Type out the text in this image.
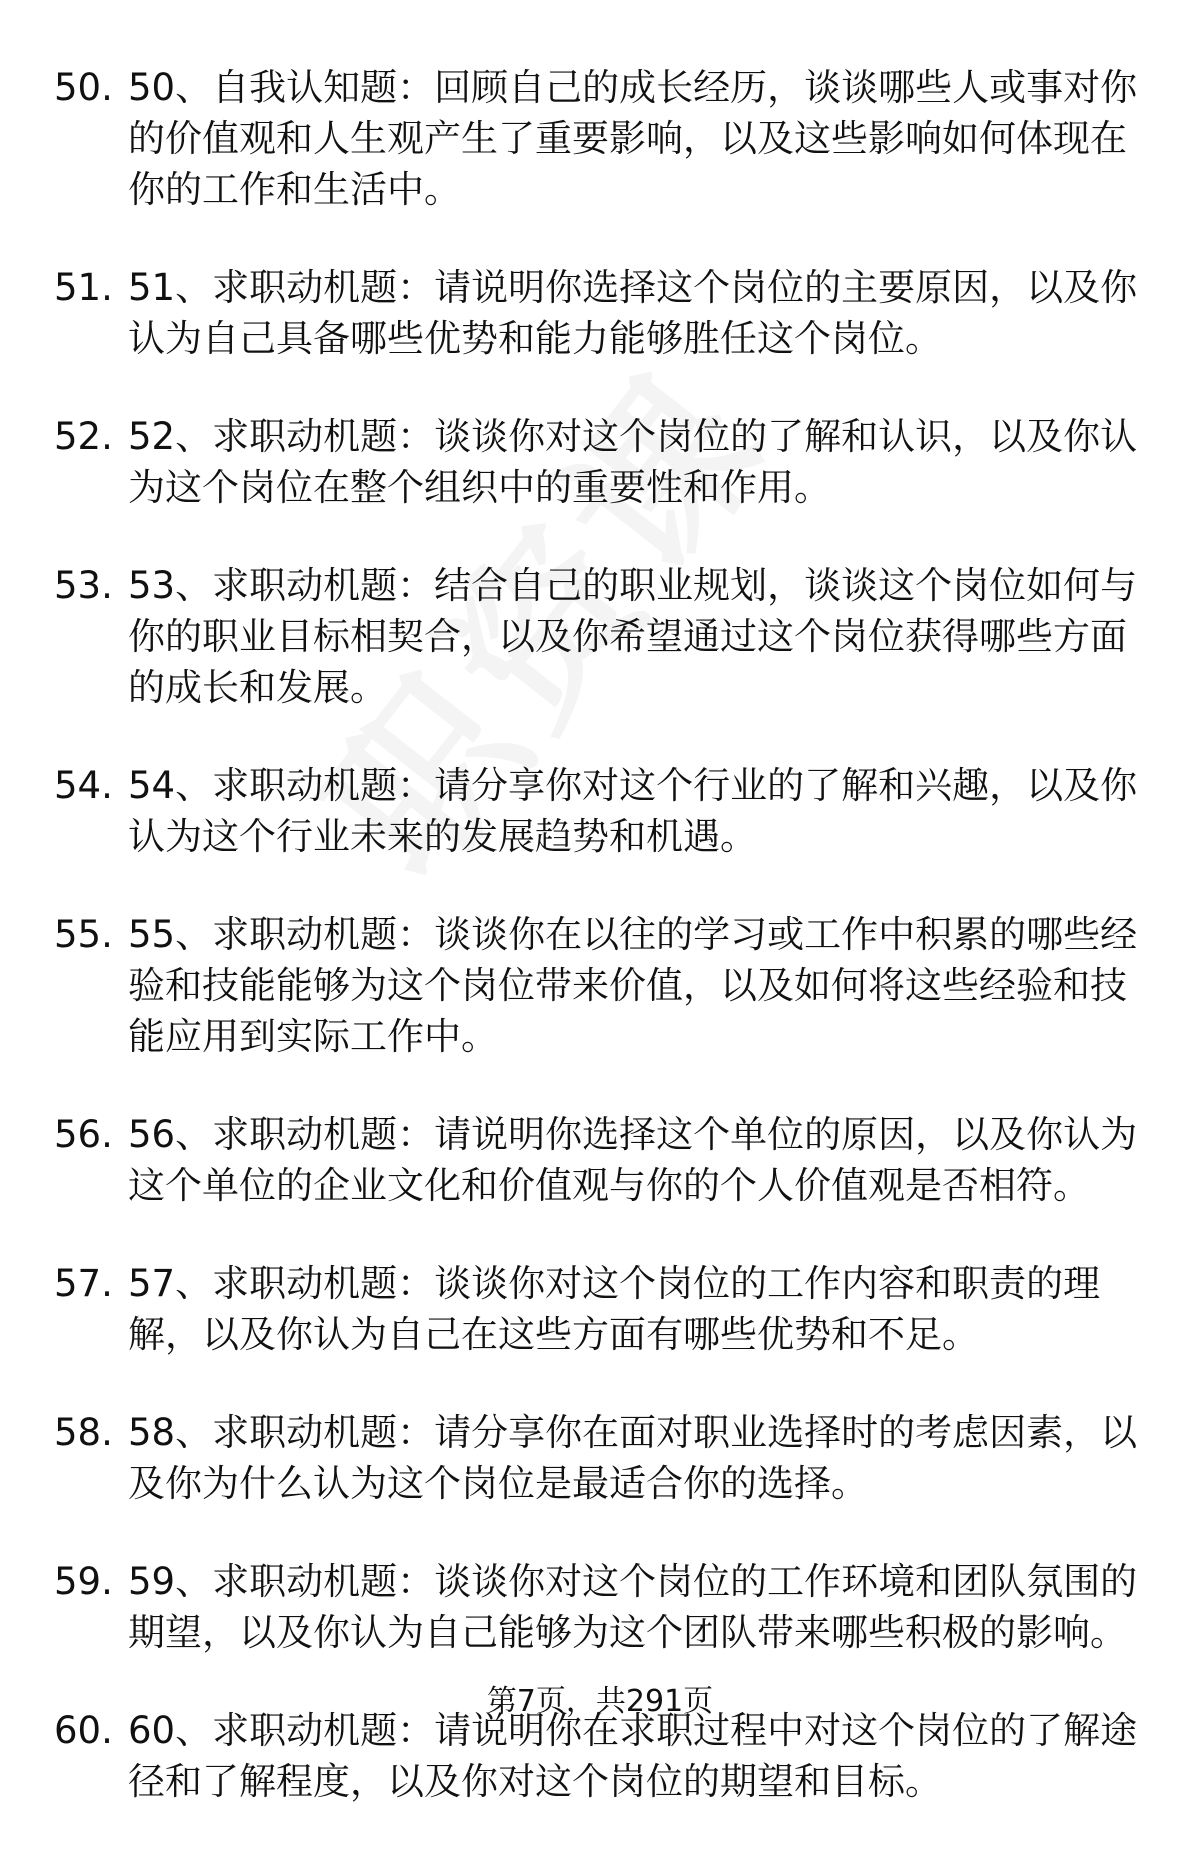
50. 50、自我认知题：回顾自己的成长经历，谈谈哪些人或事对你的价值观和人生观产生了重要影响，以及这些影响如何体现在你的工作和生活中。
51. 51、求职动机题：请说明你选择这个岗位的主要原因，以及你认为自己具备哪些优势和能力能够胜任这个岗位。
52. 52、求职动机题：谈谈你对这个岗位的了解和认识，以及你认为这个岗位在整个组织中的重要性和作用。
53. 53、求职动机题：结合自己的职业规划，谈谈这个岗位如何与你的职业目标相契合，以及你希望通过这个岗位获得哪些方面的成长和发展。
54. 54、求职动机题：请分享你对这个行业的了解和兴趣，以及你认为这个行业未来的发展趋势和机遇。
55. 55、求职动机题：谈谈你在以往的学习或工作中积累的哪些经验和技能能够为这个岗位带来价值，以及如何将这些经验和技能应用到实际工作中。
56. 56、求职动机题：请说明你选择这个单位的原因，以及你认为这个单位的企业文化和价值观与你的个人价值观是否相符。
57. 57、求职动机题：谈谈你对这个岗位的工作内容和职责的理解，以及你认为自己在这些方面有哪些优势和不足。
58. 58、求职动机题：请分享你在面对职业选择时的考虑因素，以及你为什么认为这个岗位是最适合你的选择。
59. 59、求职动机题：谈谈你对这个岗位的工作环境和团队氛围的期望，以及你认为自己能够为这个团队带来哪些积极的影响。
60. 60、求职动机题：请说明你在求职过程中对这个岗位的了解途径和了解程度，以及你对这个岗位的期望和目标。
第7页，共291页
